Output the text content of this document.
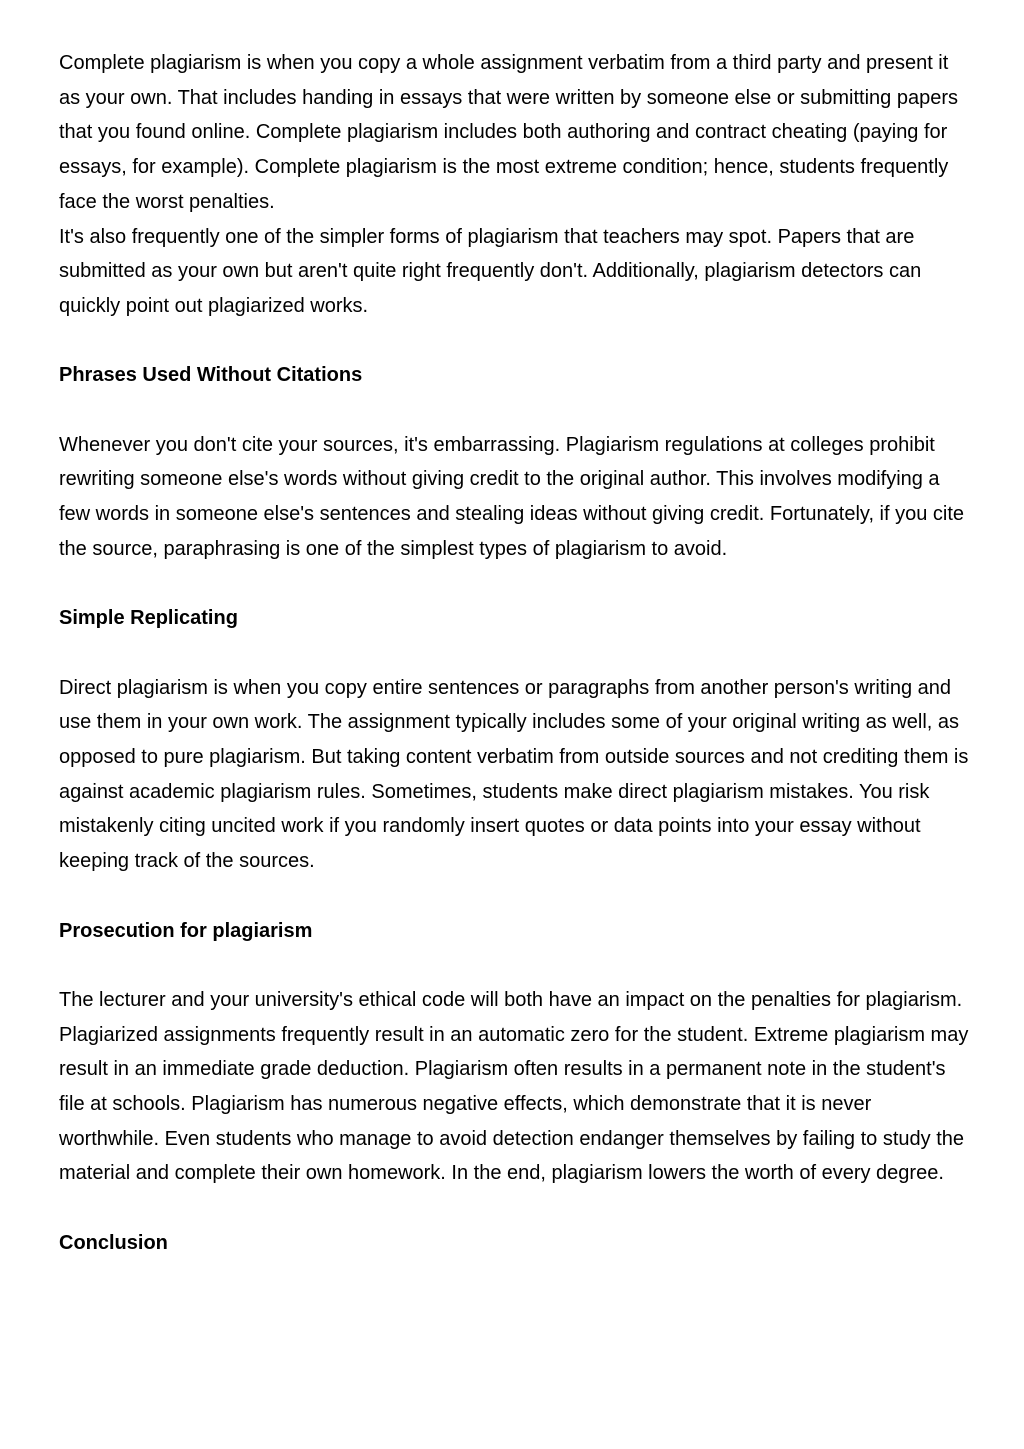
Complete plagiarism is when you copy a whole assignment verbatim from a third party and present it as your own. That includes handing in essays that were written by someone else or submitting papers that you found online. Complete plagiarism includes both authoring and contract cheating (paying for essays, for example). Complete plagiarism is the most extreme condition; hence, students frequently face the worst penalties.

It's also frequently one of the simpler forms of plagiarism that teachers may spot. Papers that are submitted as your own but aren't quite right frequently don't. Additionally, plagiarism detectors can quickly point out plagiarized works.

Phrases Used Without Citations

Whenever you don't cite your sources, it's embarrassing. Plagiarism regulations at colleges prohibit rewriting someone else's words without giving credit to the original author. This involves modifying a few words in someone else's sentences and stealing ideas without giving credit. Fortunately, if you cite the source, paraphrasing is one of the simplest types of plagiarism to avoid.

Simple Replicating

Direct plagiarism is when you copy entire sentences or paragraphs from another person's writing and use them in your own work. The assignment typically includes some of your original writing as well, as opposed to pure plagiarism. But taking content verbatim from outside sources and not crediting them is against academic plagiarism rules. Sometimes, students make direct plagiarism mistakes. You risk mistakenly citing uncited work if you randomly insert quotes or data points into your essay without keeping track of the sources.

Prosecution for plagiarism

The lecturer and your university's ethical code will both have an impact on the penalties for plagiarism. Plagiarized assignments frequently result in an automatic zero for the student. Extreme plagiarism may result in an immediate grade deduction. Plagiarism often results in a permanent note in the student's file at schools. Plagiarism has numerous negative effects, which demonstrate that it is never worthwhile. Even students who manage to avoid detection endanger themselves by failing to study the material and complete their own homework. In the end, plagiarism lowers the worth of every degree.

Conclusion
